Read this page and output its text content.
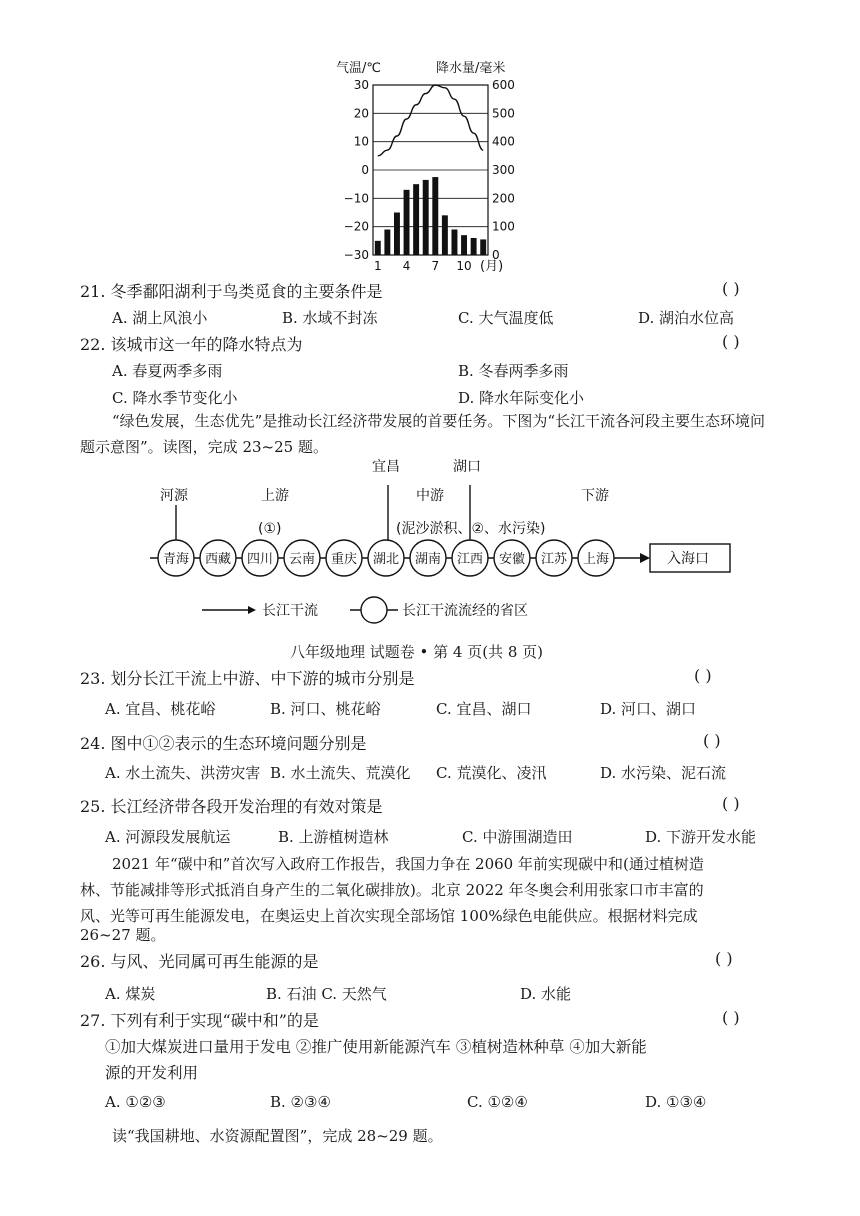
气温/℃	降水量/毫米
30
20
10
0
−10
−20
−30
600
500
400
300
200
100
0
1 4 7 10 (月)
21. 冬季鄱阳湖利于鸟类觅食的主要条件是	( )
A. 湖上风浪小	B. 水域不封冻	C. 大气温度低	D. 湖泊水位高
22. 该城市这一年的降水特点为	( )
A. 春夏两季多雨	B. 冬春两季多雨
C. 降水季节变化小	D. 降水年际变化小
“绿色发展，生态优先”是推动长江经济带发展的首要任务。下图为“长江干流各河段主要生态环境问题示意图”。读图，完成 23~25 题。
宜昌	湖口
河源	上游	中游	下游
(①)	(泥沙淤积、②、水污染)
青海 西藏 四川 云南 重庆 湖北 湖南 江西 安徽 江苏 上海	入海口
长江干流	长江干流流经的省区
八年级地理 试题卷 • 第 4 页(共 8 页)
23. 划分长江干流上中游、中下游的城市分别是	( )
A. 宜昌、桃花峪	B. 河口、桃花峪	C. 宜昌、湖口	D. 河口、湖口
24. 图中①②表示的生态环境问题分别是	( )
A. 水土流失、洪涝灾害 B. 水土流失、荒漠化 C. 荒漠化、凌汛	D. 水污染、泥石流
25. 长江经济带各段开发治理的有效对策是	( )
A. 河源段发展航运	B. 上游植树造林	C. 中游围湖造田	D. 下游开发水能
2021 年“碳中和”首次写入政府工作报告，我国力争在 2060 年前实现碳中和(通过植树造
林、节能减排等形式抵消自身产生的二氧化碳排放)。北京 2022 年冬奥会利用张家口市丰富的
风、光等可再生能源发电，在奥运史上首次实现全部场馆 100%绿色电能供应。根据材料完成
26~27 题。
26. 与风、光同属可再生能源的是	( )
A. 煤炭	B. 石油 C. 天然气	D. 水能
27. 下列有利于实现“碳中和”的是	( )
①加大煤炭进口量用于发电 ②推广使用新能源汽车 ③植树造林种草 ④加大新能
源的开发利用
A. ①②③	B. ②③④	C. ①②④	D. ①③④
读“我国耕地、水资源配置图”，完成 28~29 题。
